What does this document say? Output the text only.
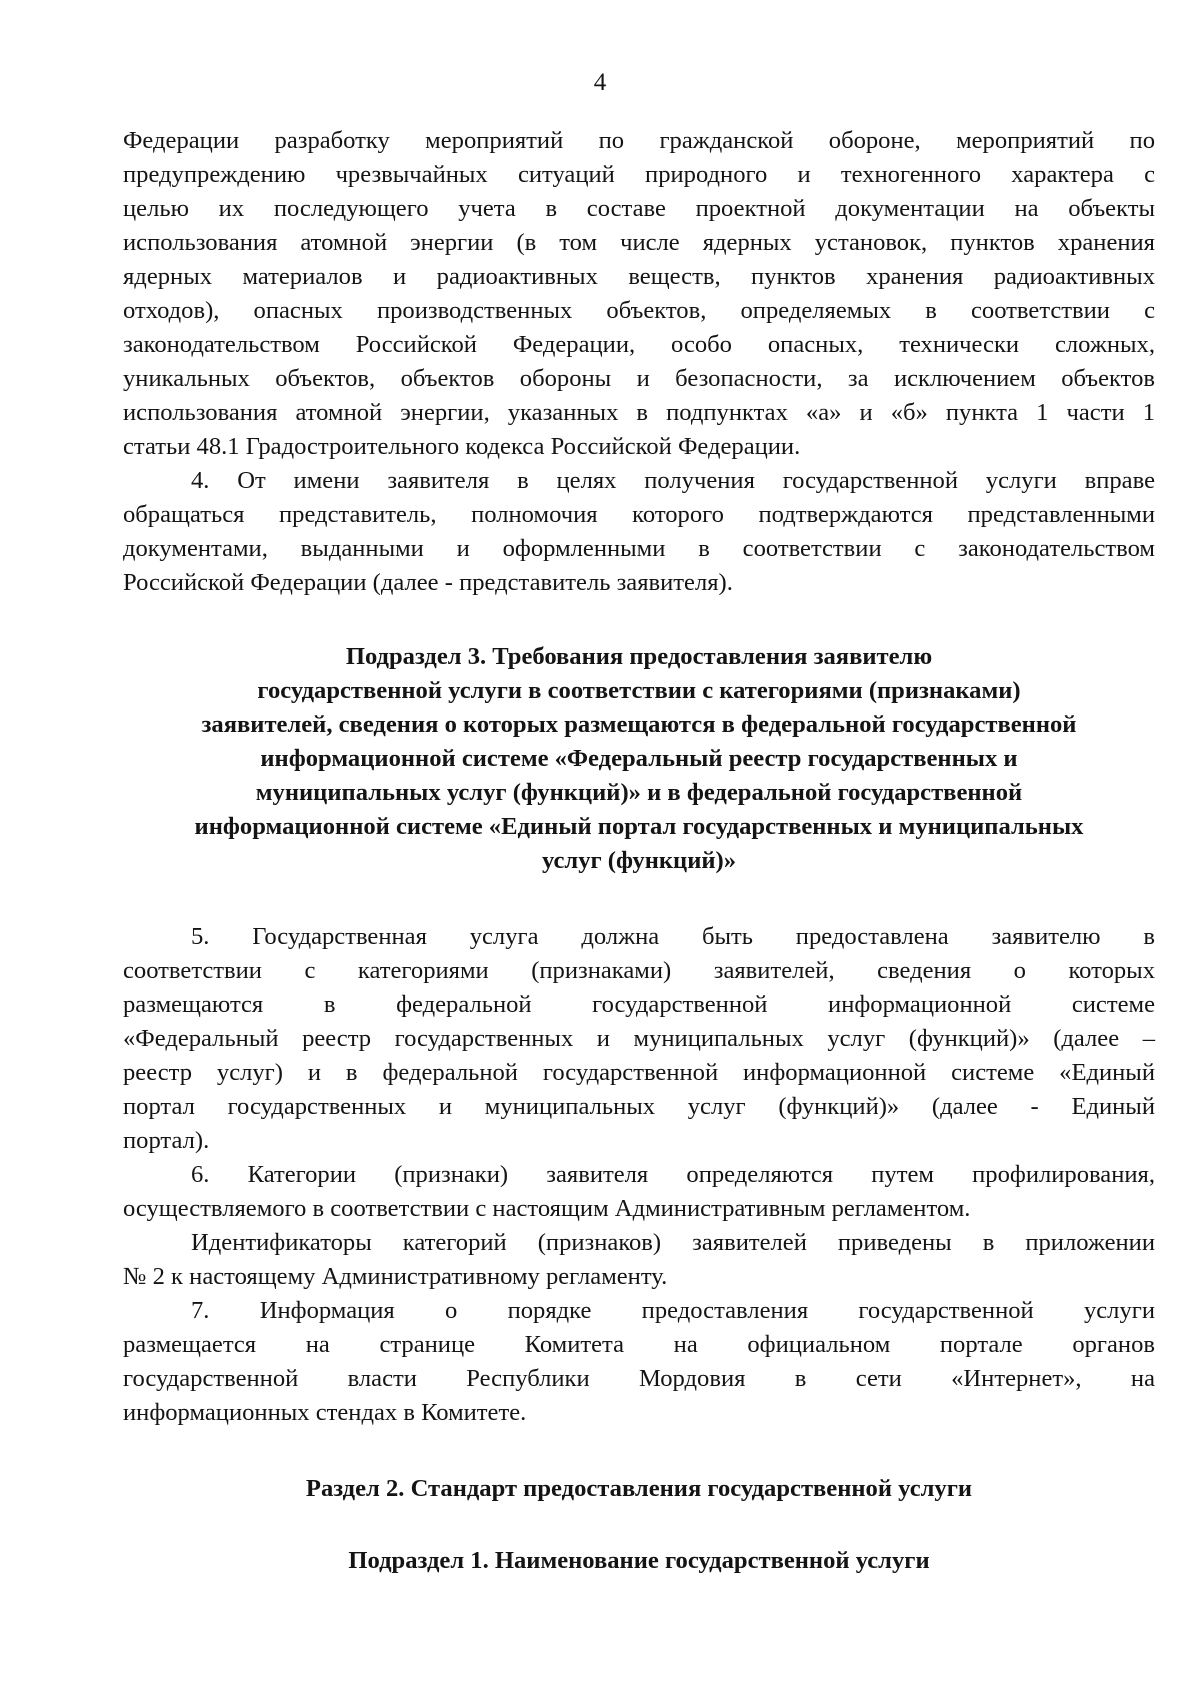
4
Федерации разработку мероприятий по гражданской обороне, мероприятий по
предупреждению чрезвычайных ситуаций природного и техногенного характера с
целью их последующего учета в составе проектной документации на объекты
использования атомной энергии (в том числе ядерных установок, пунктов хранения
ядерных материалов и радиоактивных веществ, пунктов хранения радиоактивных
отходов), опасных производственных объектов, определяемых в соответствии с
законодательством Российской Федерации, особо опасных, технически сложных,
уникальных объектов, объектов обороны и безопасности, за исключением объектов
использования атомной энергии, указанных в подпунктах «а» и «б» пункта 1 части 1
статьи 48.1 Градостроительного кодекса Российской Федерации.
4. От имени заявителя в целях получения государственной услуги вправе
обращаться представитель, полномочия которого подтверждаются представленными
документами, выданными и оформленными в соответствии с законодательством
Российской Федерации (далее - представитель заявителя).
Подраздел 3. Требования предоставления заявителю
государственной услуги в соответствии с категориями (признаками)
заявителей, сведения о которых размещаются в федеральной государственной
информационной системе «Федеральный реестр государственных и
муниципальных услуг (функций)» и в федеральной государственной
информационной системе «Единый портал государственных и муниципальных
услуг (функций)»
5. Государственная услуга должна быть предоставлена заявителю в
соответствии с категориями (признаками) заявителей, сведения о которых
размещаются в федеральной государственной информационной системе
«Федеральный реестр государственных и муниципальных услуг (функций)» (далее –
реестр услуг) и в федеральной государственной информационной системе «Единый
портал государственных и муниципальных услуг (функций)» (далее - Единый
портал).
6. Категории (признаки) заявителя определяются путем профилирования,
осуществляемого в соответствии с настоящим Административным регламентом.
Идентификаторы категорий (признаков) заявителей приведены в приложении
№ 2 к настоящему Административному регламенту.
7. Информация о порядке предоставления государственной услуги
размещается на странице Комитета на официальном портале органов
государственной власти Республики Мордовия в сети «Интернет», на
информационных стендах в Комитете.
Раздел 2. Стандарт предоставления государственной услуги
Подраздел 1. Наименование государственной услуги
